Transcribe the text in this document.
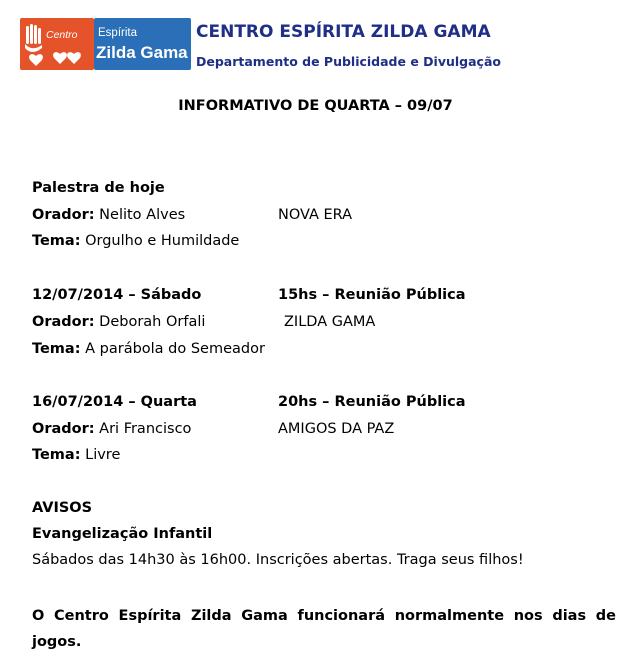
Centro Espírita
Zilda Gama
CENTRO ESPÍRITA ZILDA GAMA
Departamento de Publicidade e Divulgação
INFORMATIVO DE QUARTA – 09/07
Palestra de hoje
Orador: Nelito Alves	NOVA ERA
Tema: Orgulho e Humildade
12/07/2014 – Sábado	15hs – Reunião Pública
Orador: Deborah Orfali	ZILDA GAMA
Tema: A parábola do Semeador
16/07/2014 – Quarta	20hs – Reunião Pública
Orador: Ari Francisco	AMIGOS DA PAZ
Tema: Livre
AVISOS
Evangelização Infantil
Sábados das 14h30 às 16h00. Inscrições abertas. Traga seus filhos!
O Centro Espírita Zilda Gama funcionará normalmente nos dias de jogos.
